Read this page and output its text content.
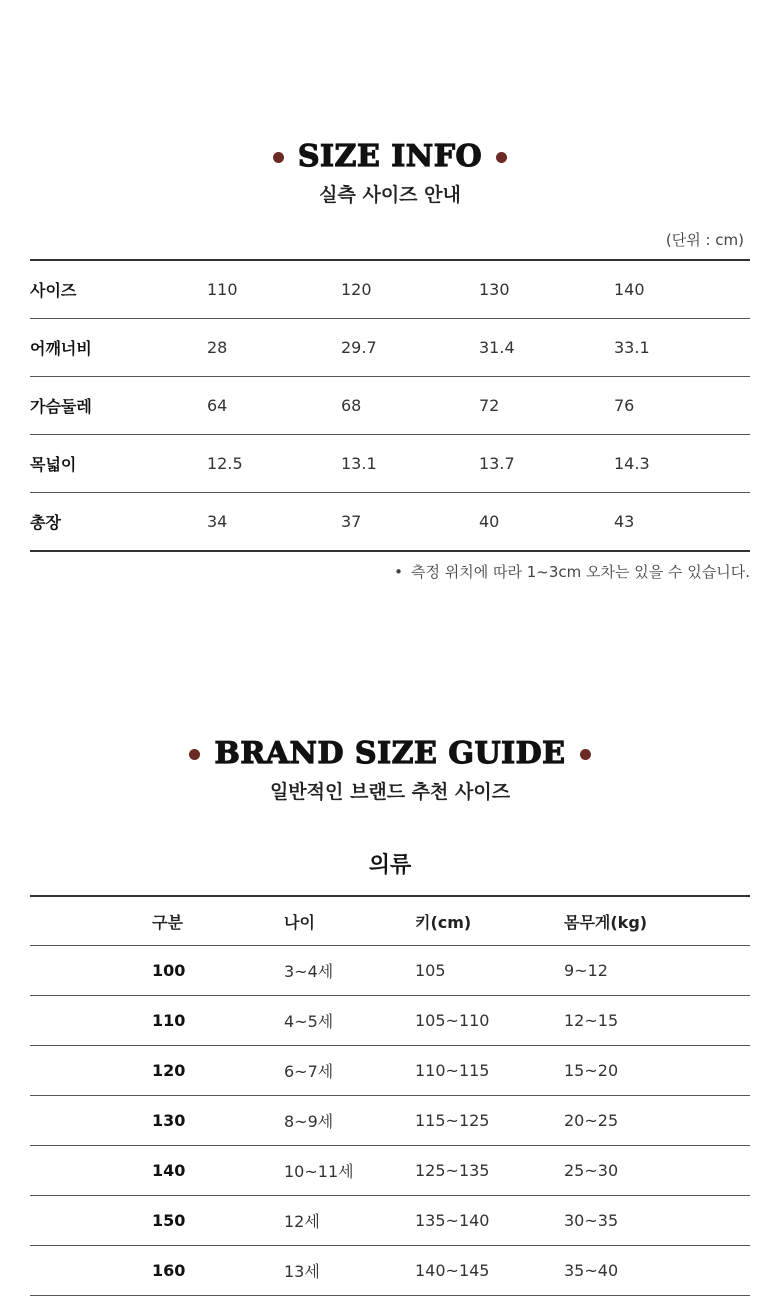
SIZE INFO
실측 사이즈 안내
(단위 : cm)
사이즈	110	120	130	140
어깨너비	28	29.7	31.4	33.1
가슴둘레	64	68	72	76
목넓이	12.5	13.1	13.7	14.3
총장	34	37	40	43
• 측정 위치에 따라 1~3cm 오차는 있을 수 있습니다.
BRAND SIZE GUIDE
일반적인 브랜드 추천 사이즈
의류
구분	나이	키(cm)	몸무게(kg)
100	3~4세	105	9~12
110	4~5세	105~110	12~15
120	6~7세	110~115	15~20
130	8~9세	115~125	20~25
140	10~11세	125~135	25~30
150	12세	135~140	30~35
160	13세	140~145	35~40
